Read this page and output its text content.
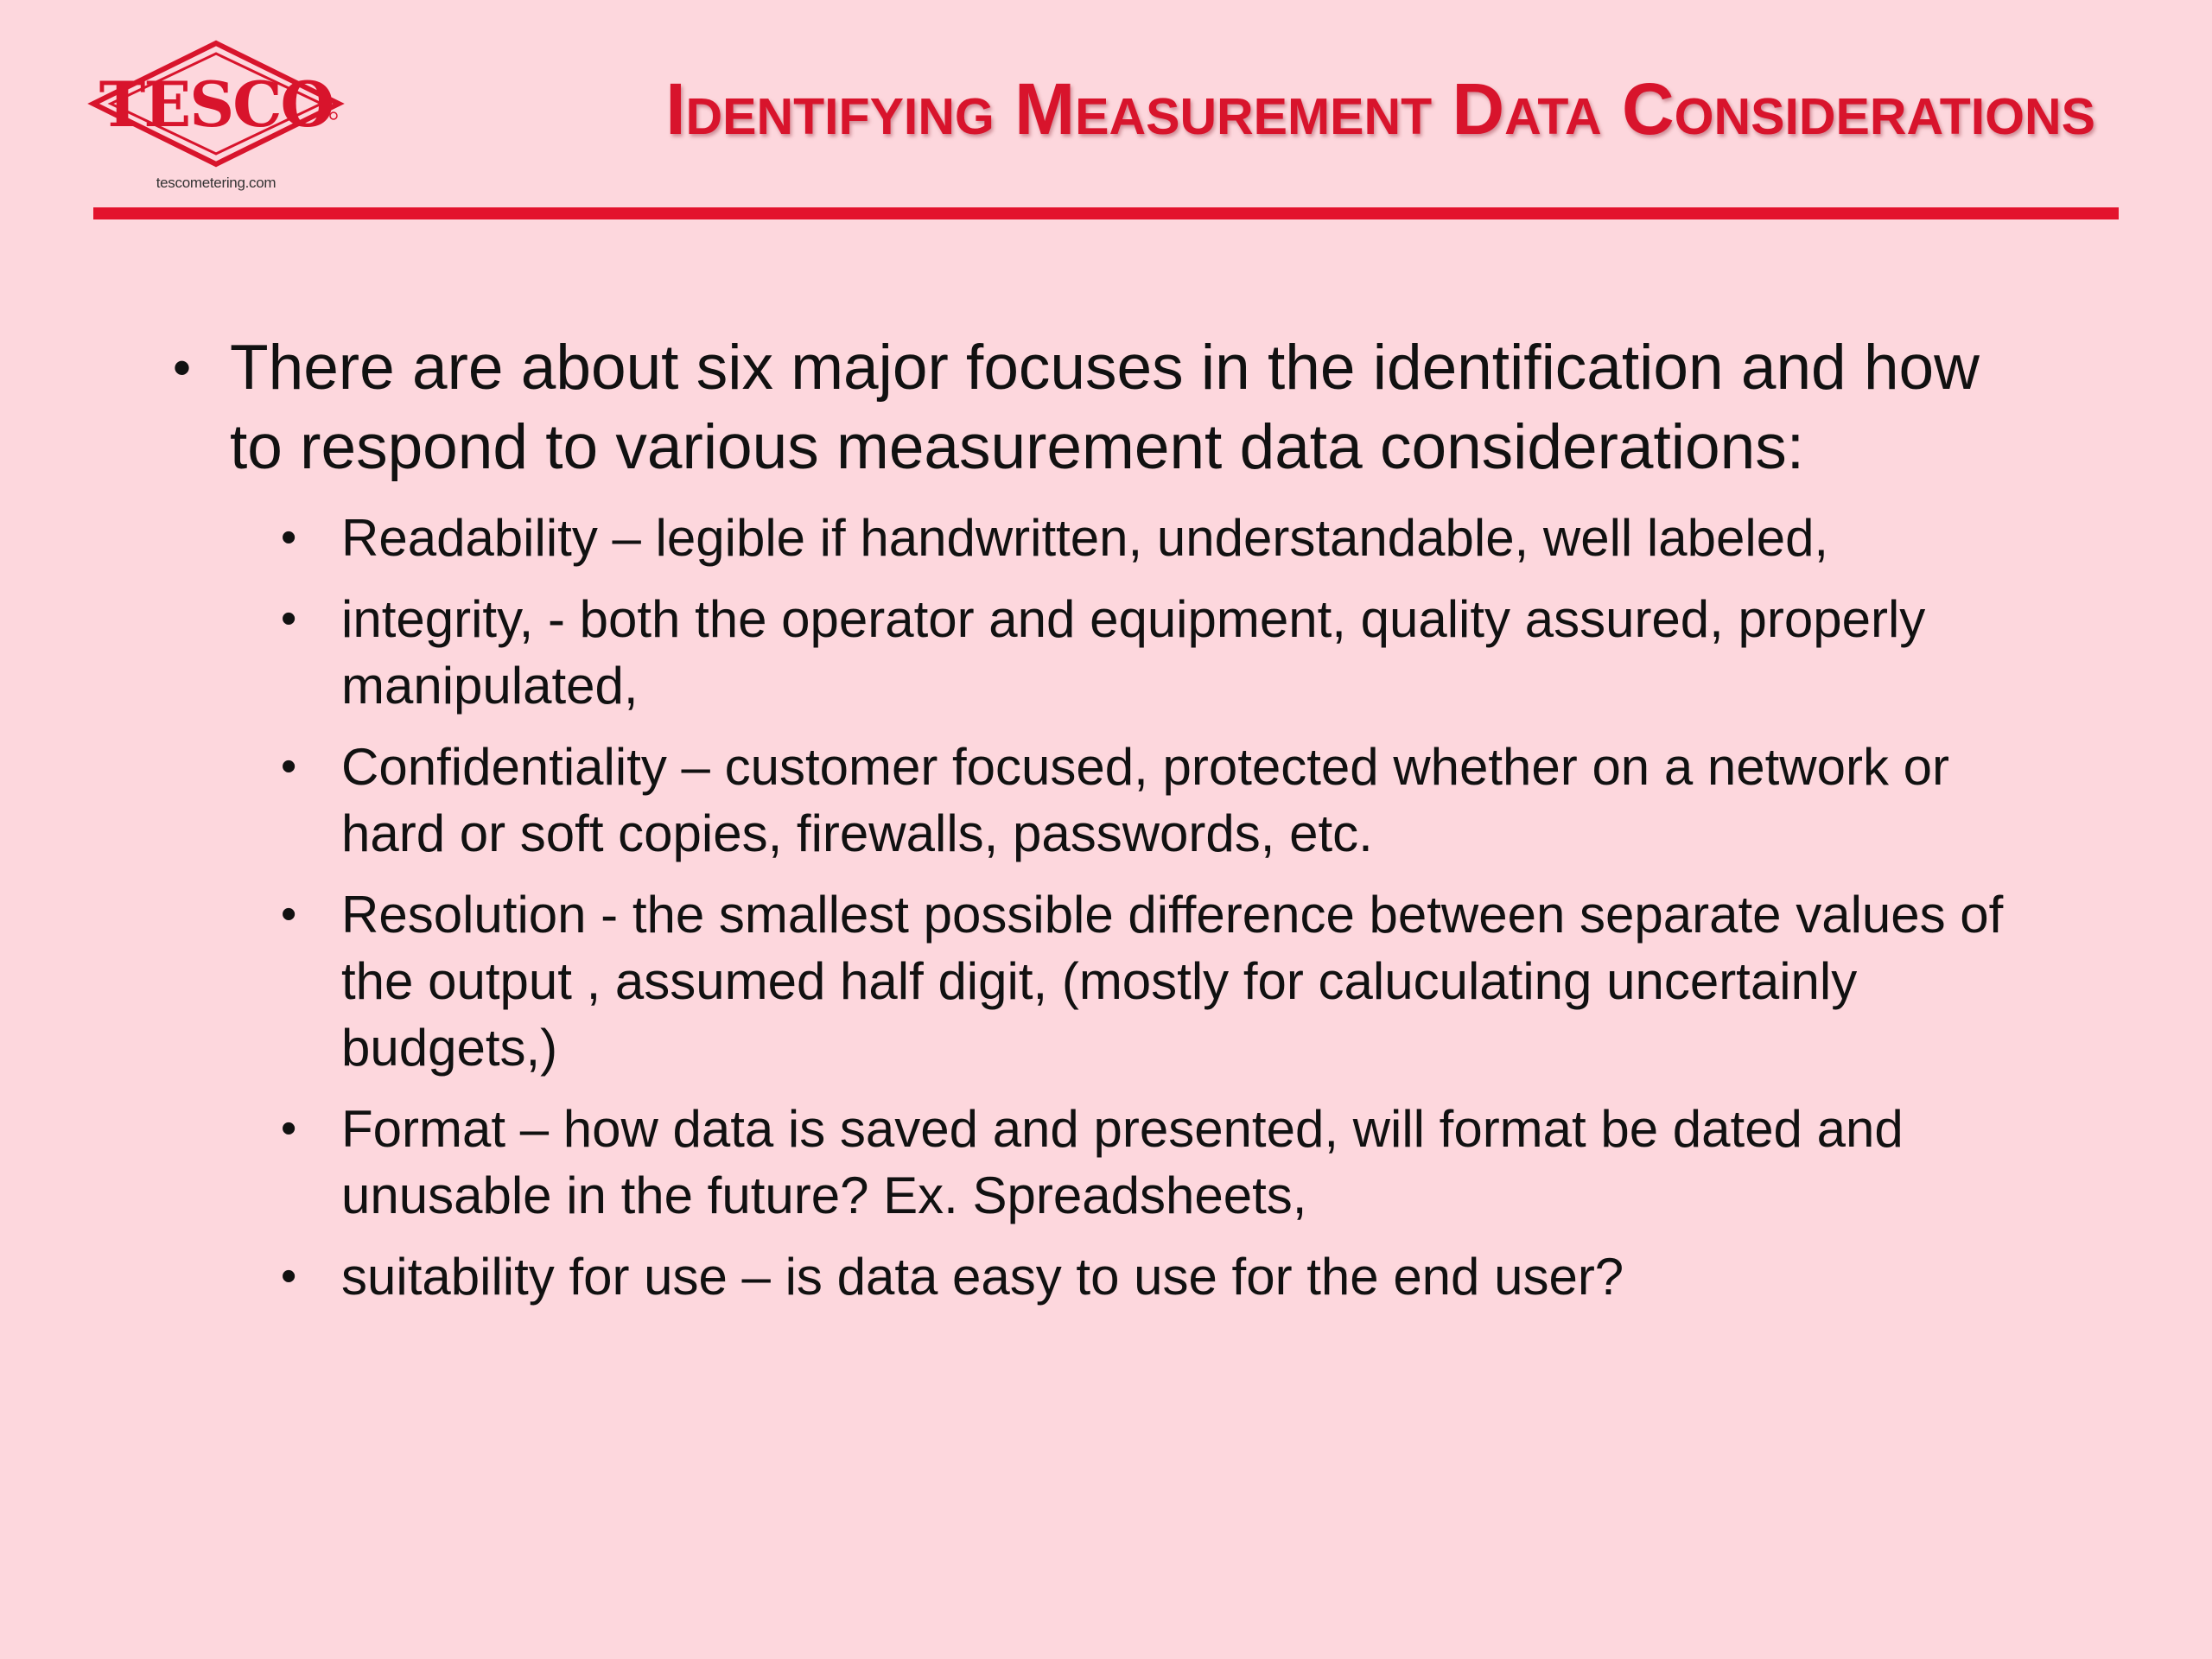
TESCO
tescometering.com
Identifying Measurement Data Considerations
• There are about six major focuses in the identification and how to respond to various measurement data considerations:
• Readability – legible if handwritten, understandable, well labeled,
• integrity, - both the operator and equipment, quality assured, properly manipulated,
• Confidentiality – customer focused, protected whether on a network or hard or soft copies, firewalls, passwords, etc.
• Resolution - the smallest possible difference between separate values of the output , assumed half digit, (mostly for caluculating uncertainly budgets,)
• Format – how data is saved and presented, will format be dated and unusable in the future? Ex. Spreadsheets,
• suitability for use – is data easy to use for the end user?
